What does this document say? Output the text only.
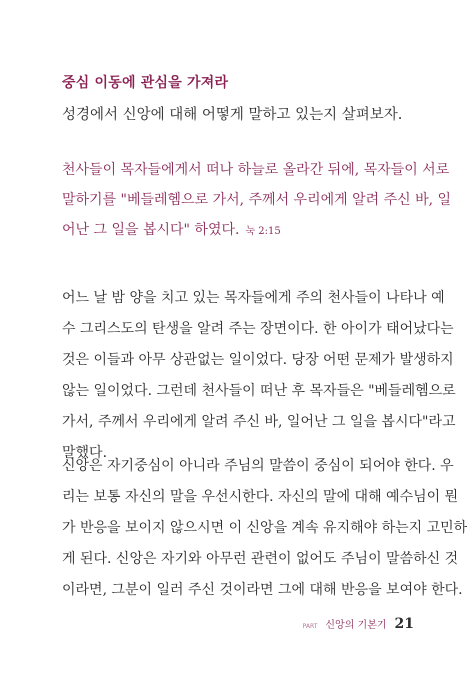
중심 이동에 관심을 가져라
성경에서 신앙에 대해 어떻게 말하고 있는지 살펴보자.
천사들이 목자들에게서 떠나 하늘로 올라간 뒤에, 목자들이 서로
말하기를 "베들레헴으로 가서, 주께서 우리에게 알려 주신 바, 일
어난 그 일을 봅시다" 하였다. 눅 2:15
어느 날 밤 양을 치고 있는 목자들에게 주의 천사들이 나타나 예
수 그리스도의 탄생을 알려 주는 장면이다. 한 아이가 태어났다는
것은 이들과 아무 상관없는 일이었다. 당장 어떤 문제가 발생하지
않는 일이었다. 그런데 천사들이 떠난 후 목자들은 "베들레헴으로
가서, 주께서 우리에게 알려 주신 바, 일어난 그 일을 봅시다"라고
말했다.
신앙은 자기중심이 아니라 주님의 말씀이 중심이 되어야 한다. 우
리는 보통 자신의 말을 우선시한다. 자신의 말에 대해 예수님이 뭔
가 반응을 보이지 않으시면 이 신앙을 계속 유지해야 하는지 고민하
게 된다. 신앙은 자기와 아무런 관련이 없어도 주님이 말씀하신 것
이라면, 그분이 일러 주신 것이라면 그에 대해 반응을 보여야 한다.
PART 신앙의 기본기 21
